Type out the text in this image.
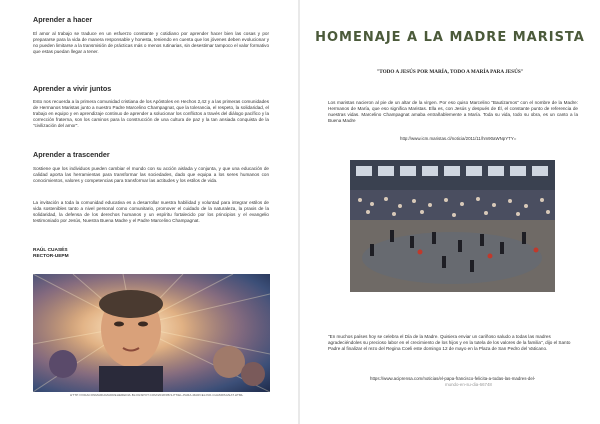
Aprender a hacer
El amor al trabajo se traduce en un esfuerzo constante y cotidiano por aprender hacer bien las cosas y por prepararse para la vida de manera responsable y honesta, teniendo en cuenta que los jóvenes deben evolucionar y no pueden limitarse a la transmisión de prácticas más o menos rutinarias, sin desestimar tampoco el valor formativo que estas puedan llegar a tener.
Aprender a vivir juntos
Esto nos recuerda a la primera comunidad cristiana de los Apóstoles en Hechos 2,42 y a las primeras comunidades de Hermanos Maristas junto a nuestro Padre Marcelino Champagnat, que la tolerancia, el respeto, la solidaridad, el trabajo en equipo y en aprendizaje continuo de aprender a solucionar los conflictos a través del diálogo pacífico y la corrección fraterna, son los caminos para la construcción de una cultura de paz y la tan ansiada conquista de la "civilización del amor".
Aprender a trascender
Sostiene que los individuos pueden cambiar el mundo con su acción aislada y conjunta, y que una educación de calidad aporta las herramientas para transformar las sociedades, dado que equipa a los seres humanos con conocimientos, valores y competencias para transformar las actitudes y los estilos de vida.
La invitación a toda la comunidad educativa es a desarrollar nuestra habilidad y voluntad para integrar estilos de vida sostenibles tanto a nivel personal como comunitario, promover el cuidado de la naturaleza, la praxis de la solidaridad, la defensa de los derechos humanos y un espíritu fortalecido por los principios y el evangelio testimoniado por Jesús, Nuestra Buena Madre y el Padre Marcelino Champagnat.
RAÚL CUASÉS
RECTOR-UEPM
HTTP://VIDACONMARIAMADREHEREDIA.BLOGSPOT.COM/2018/05/3-PTIEL-PARA-MARCELINO-CHAMPAGNAT.HTML
HOMENAJE A LA MADRE MARISTA
"TODO A JESÚS POR MARÍA, TODO A MARÍA PARA JESÚS"
Los maristas nacieron al pie de un altar de la virgen. Por eso quiso Marcelino "Bautizarnos" con el nombre de la Madre: Hermanos de María, que eso significa Maristas. Ella es, con Jesús y después de Él, el constante punto de referencia de nuestras vidas. Marcelino Champagnat amaba entrañablemente a María. Toda su vida, todo su obra, es un canto a la Buena Madre
http://www.icm.maristas.cl/noticia/2011/11/hm90aWNpYTY=
"En muchos países hoy se celebra el Día de la Madre. Quisiera enviar un cariñoso saludo a todas las madres agradeciéndoles su precioso labor en el crecimiento de los hijos y en la tutela de los valores de la familia", dijo el Santo Padre al finalizar el rezo del Regina Coeli este domingo 12 de mayo en la Plaza de San Pedro del Vaticano.
https://www.aciprensa.com/noticias/el-papa-francisco-felicita-a-todas-las-madres-del-
mundo-en-su-dia-66748
